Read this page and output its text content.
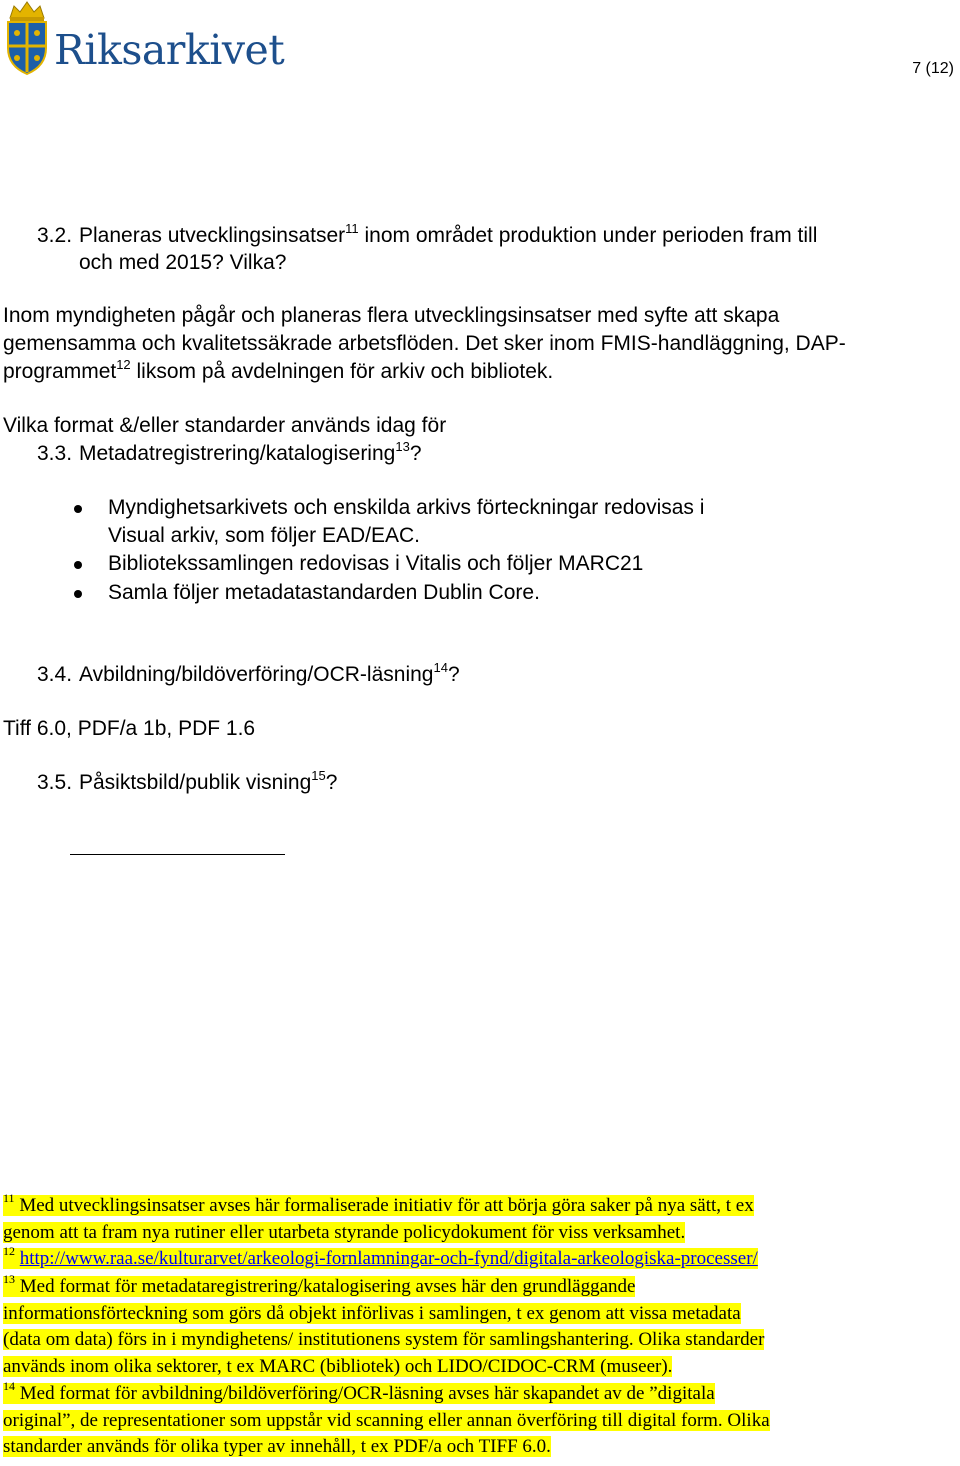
Riksarkivet	7 (12)
3.2. Planeras utvecklingsinsatser$^{11}$ inom området produktion under perioden fram till
och med 2015? Vilka?
Inom myndigheten pågår och planeras flera utvecklingsinsatser med syfte att skapa
gemensamma och kvalitetssäkrade arbetsflöden. Det sker inom FMIS-handläggning, DAP-
programmet$^{12}$ liksom på avdelningen för arkiv och bibliotek.
Vilka format &/eller standarder används idag för
3.3. Metadatregistrering/katalogisering$^{13}$?
Myndighetsarkivets och enskilda arkivs förteckningar redovisas i
Visual arkiv, som följer EAD/EAC.
Bibliotekssamlingen redovisas i Vitalis och följer MARC21
Samla följer metadatastandarden Dublin Core.
3.4. Avbildning/bildöverföring/OCR-läsning$^{14}$?
Tiff 6.0, PDF/a 1b, PDF 1.6
3.5. Påsiktsbild/publik visning$^{15}$?
$^{11}$ Med utvecklingsinsatser avses här formaliserade initiativ för att börja göra saker på nya sätt, t ex
genom att ta fram nya rutiner eller utarbeta styrande policydokument för viss verksamhet.
$^{12}$ http://www.raa.se/kulturarvet/arkeologi-fornlamningar-och-fynd/digitala-arkeologiska-processer/
$^{13}$ Med format för metadataregistrering/katalogisering avses här den grundläggande
informationsförteckning som görs då objekt införlivas i samlingen, t ex genom att vissa metadata
(data om data) förs in i myndighetens/ institutionens system för samlingshantering. Olika standarder
används inom olika sektorer, t ex MARC (bibliotek) och LIDO/CIDOC-CRM (museer).
$^{14}$ Med format för avbildning/bildöverföring/OCR-läsning avses här skapandet av de ”digitala
original”, de representationer som uppstår vid scanning eller annan överföring till digital form. Olika
standarder används för olika typer av innehåll, t ex PDF/a och TIFF 6.0.
